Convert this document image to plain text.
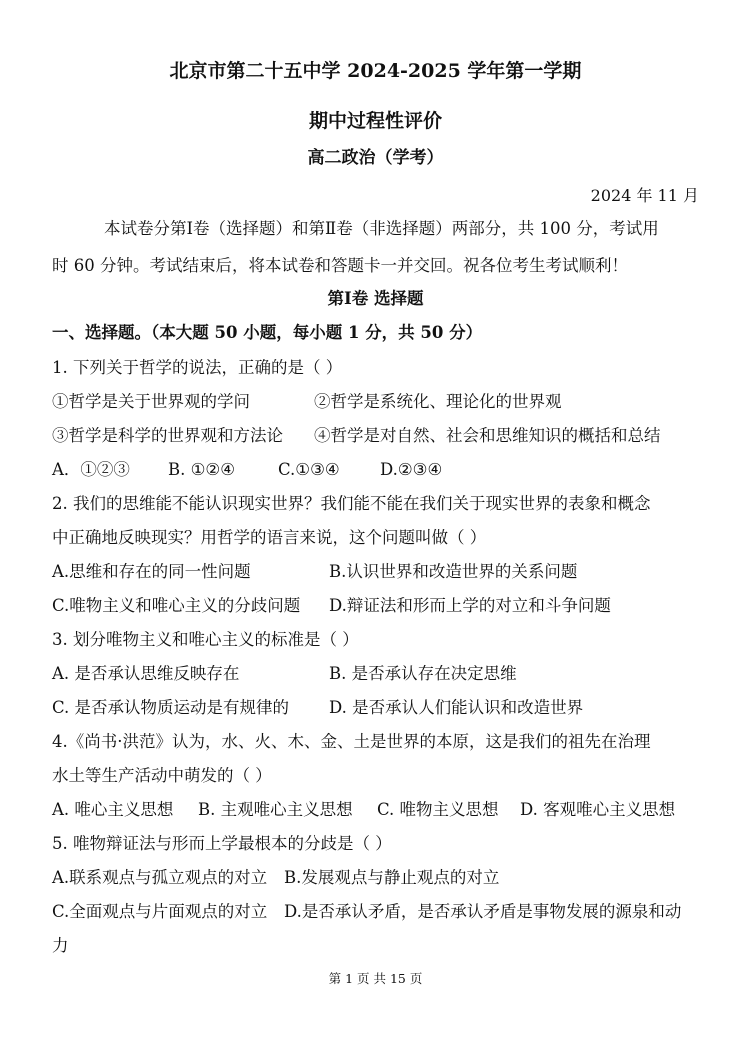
北京市第二十五中学 2024-2025 学年第一学期
期中过程性评价
高二政治（学考）
2024 年 11 月
本试卷分第Ⅰ卷（选择题）和第Ⅱ卷（非选择题）两部分，共 100 分，考试用
时 60 分钟。考试结束后，将本试卷和答题卡一并交回。祝各位考生考试顺利！
第Ⅰ卷 选择题
一、选择题。（本大题 50 小题，每小题 1 分，共 50 分）
1. 下列关于哲学的说法，正确的是（ ）
①哲学是关于世界观的学问	②哲学是系统化、理论化的世界观
③哲学是科学的世界观和方法论 ④哲学是对自然、社会和思维知识的概括和总结
A．①②③ B. ①②④	C.①③④ D.②③④
2. 我们的思维能不能认识现实世界？我们能不能在我们关于现实世界的表象和概念
中正确地反映现实？用哲学的语言来说，这个问题叫做（ ）
A.思维和存在的同一性问题	B.认识世界和改造世界的关系问题
C.唯物主义和唯心主义的分歧问题 D.辩证法和形而上学的对立和斗争问题
3. 划分唯物主义和唯心主义的标准是（ ）
A. 是否承认思维反映存在	B. 是否承认存在决定思维
C. 是否承认物质运动是有规律的 D. 是否承认人们能认识和改造世界
4.《尚书·洪范》认为，水、火、木、金、土是世界的本原，这是我们的祖先在治理
水土等生产活动中萌发的（ ）
A. 唯心主义思想 B. 主观唯心主义思想 C. 唯物主义思想 D. 客观唯心主义思想
5. 唯物辩证法与形而上学最根本的分歧是（ ）
A.联系观点与孤立观点的对立 B.发展观点与静止观点的对立
C.全面观点与片面观点的对立 D.是否承认矛盾，是否承认矛盾是事物发展的源泉和动
力
第 1 页 共 15 页
